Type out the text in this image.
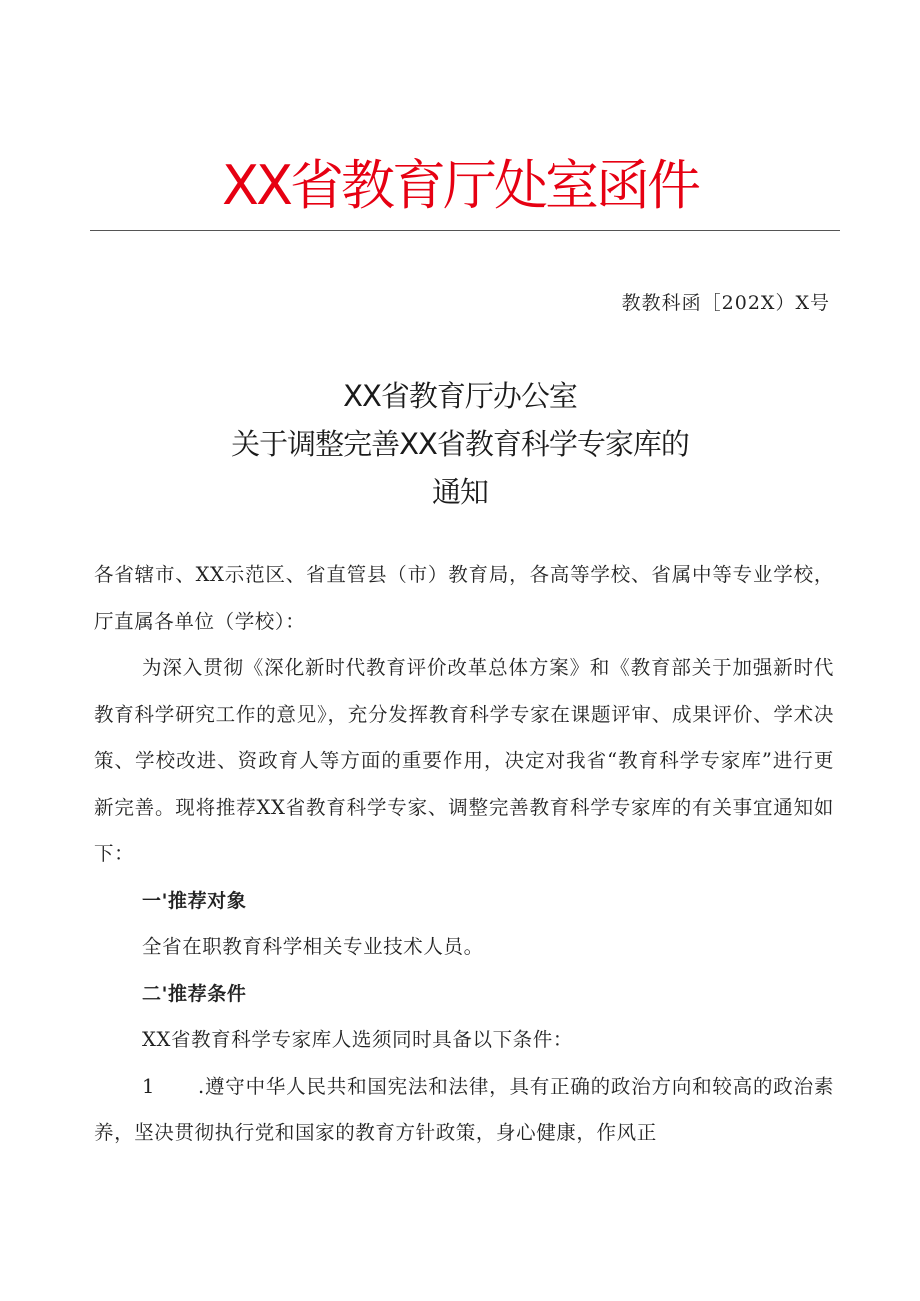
XX省教育厅处室函件
教教科函［202X）X号
XX省教育厅办公室
关于调整完善XX省教育科学专家库的
通知

各省辖市、XX示范区、省直管县（市）教育局，各高等学校、省属中等专业学校，厅直属各单位（学校）：

为深入贯彻《深化新时代教育评价改革总体方案》和《教育部关于加强新时代教育科学研究工作的意见》，充分发挥教育科学专家在课题评审、成果评价、学术决策、学校改进、资政育人等方面的重要作用，决定对我省“教育科学专家库”进行更新完善。现将推荐XX省教育科学专家、调整完善教育科学专家库的有关事宜通知如下：

一'推荐对象

全省在职教育科学相关专业技术人员。

二'推荐条件

XX省教育科学专家库人选须同时具备以下条件：

1 .遵守中华人民共和国宪法和法律，具有正确的政治方向和较高的政治素养，坚决贯彻执行党和国家的教育方针政策，身心健康，作风正
